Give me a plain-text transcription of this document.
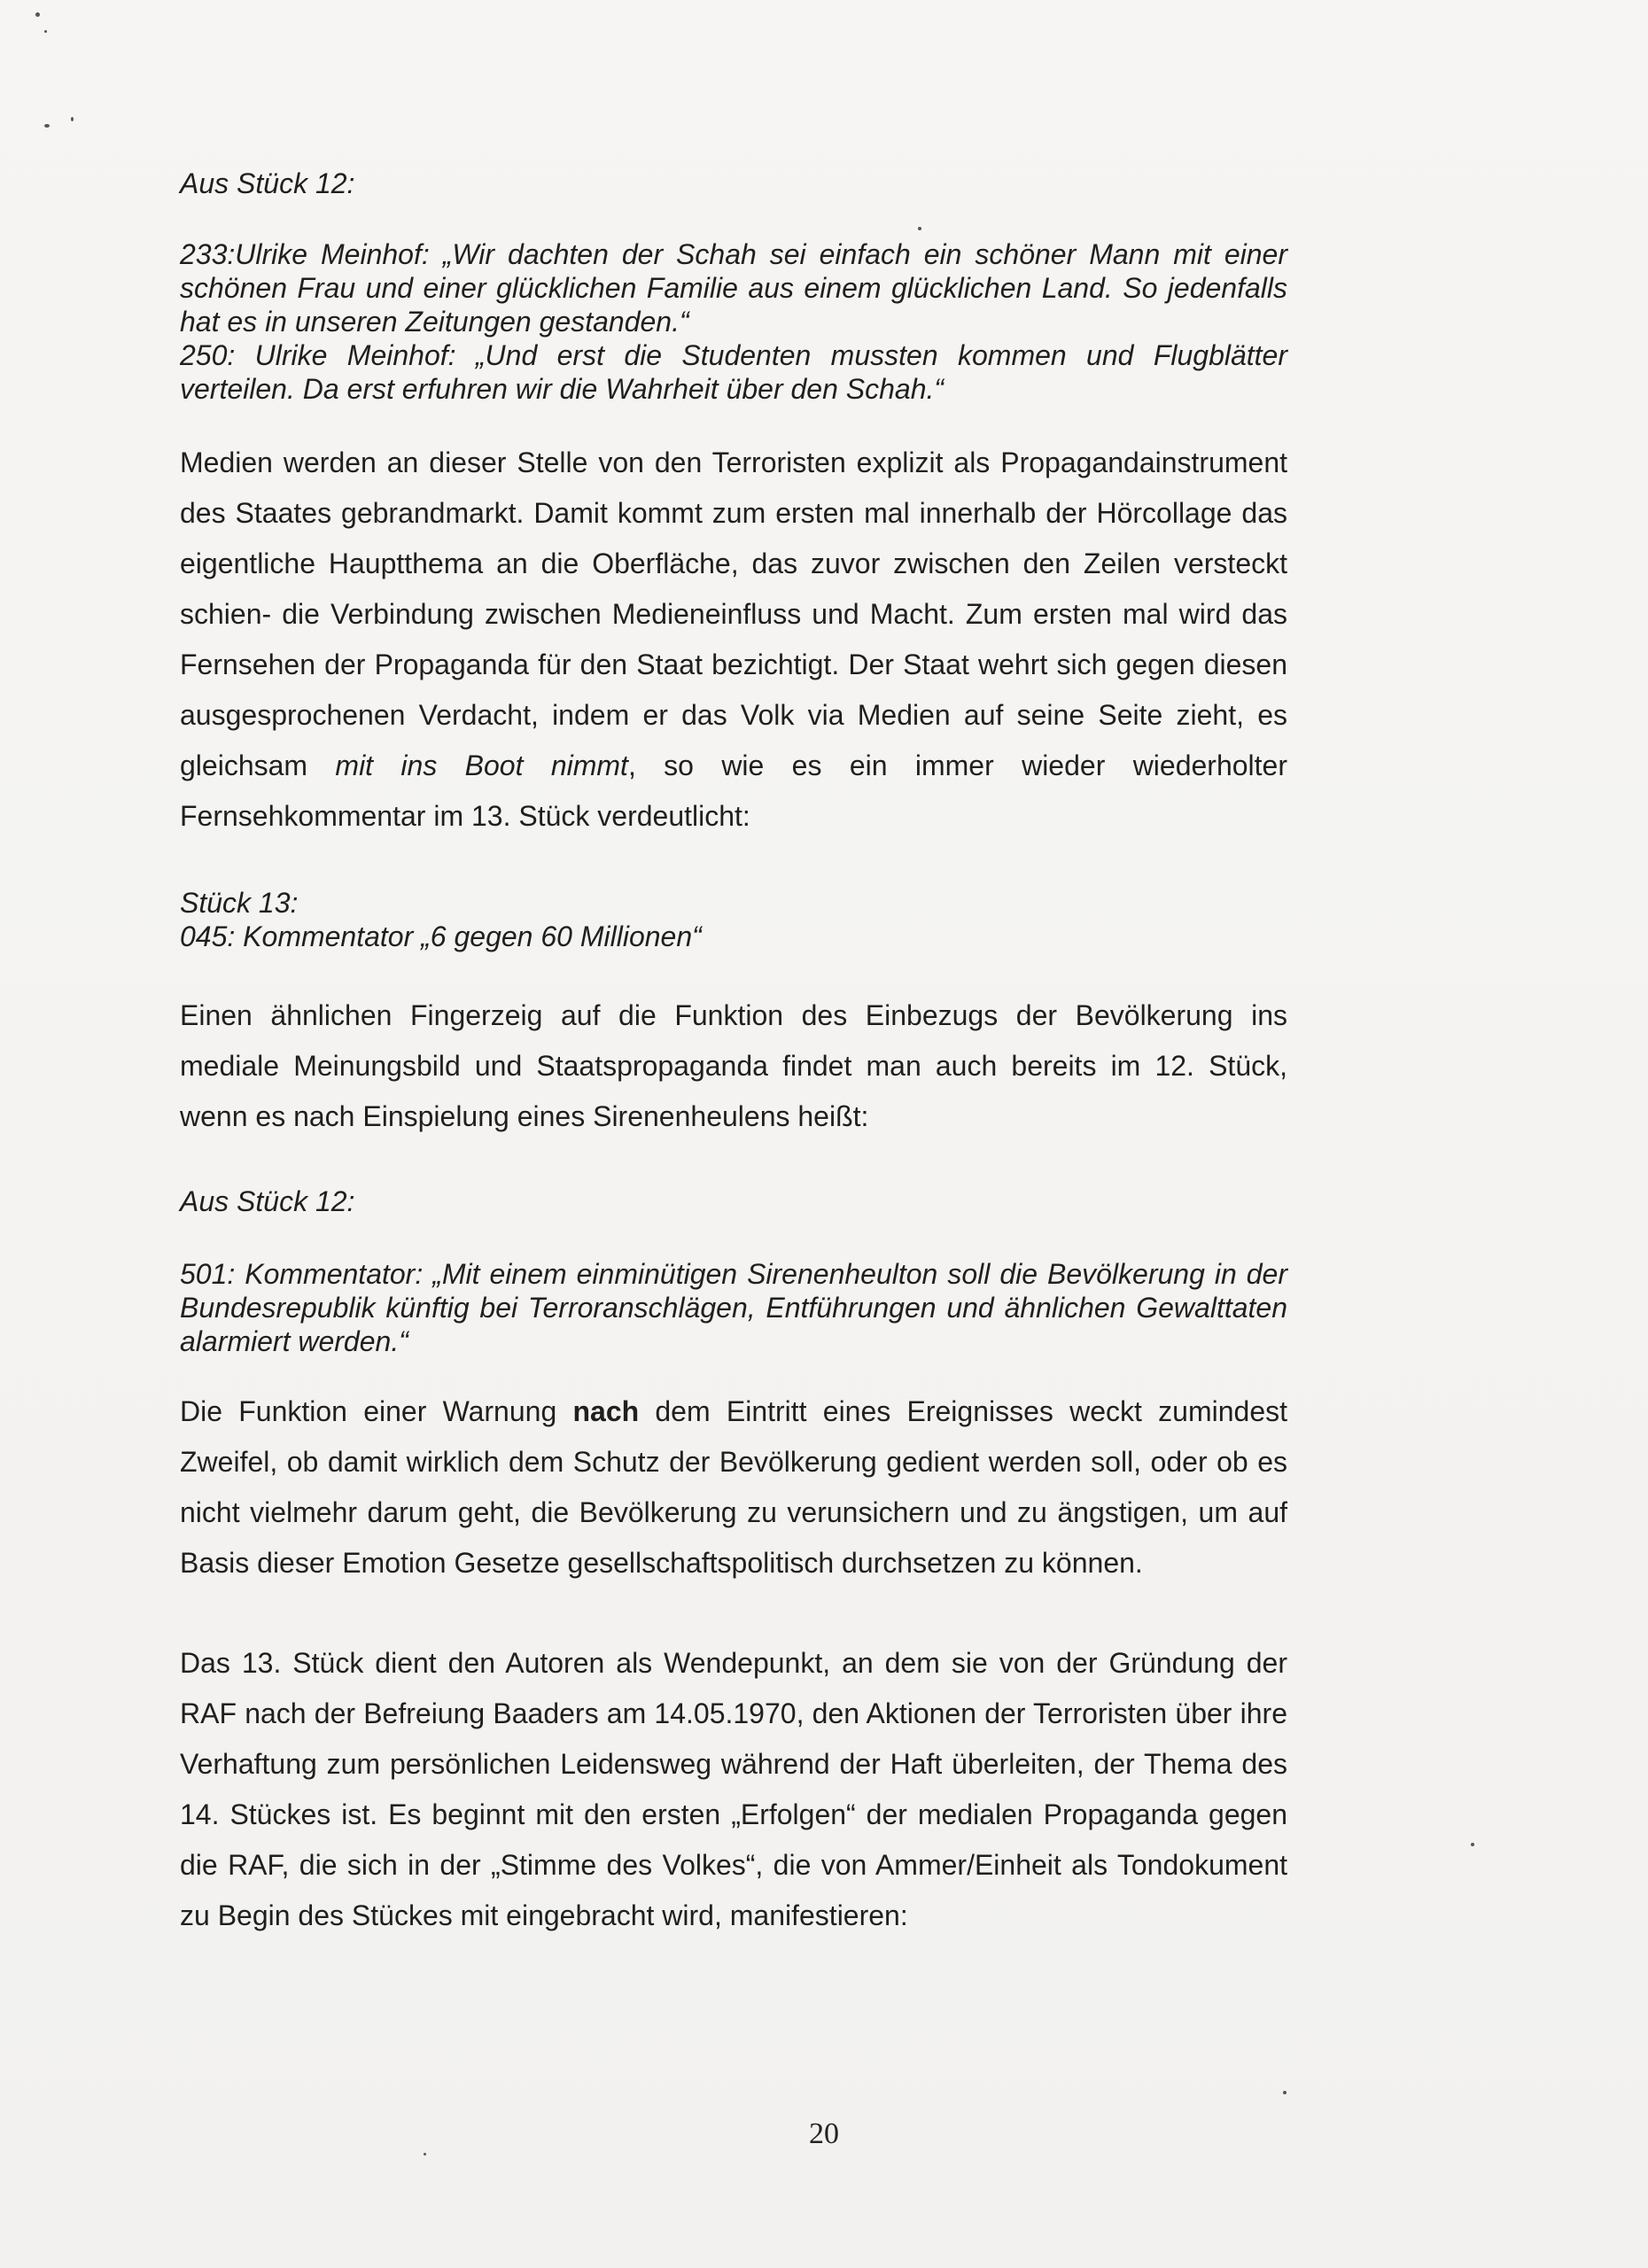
Aus Stück 12:

233:Ulrike Meinhof: „Wir dachten der Schah sei einfach ein schöner Mann mit einer schönen Frau und einer glücklichen Familie aus einem glücklichen Land. So jedenfalls hat es in unseren Zeitungen gestanden.“

250: Ulrike Meinhof: „Und erst die Studenten mussten kommen und Flugblätter verteilen. Da erst erfuhren wir die Wahrheit über den Schah.“

Medien werden an dieser Stelle von den Terroristen explizit als Propagandainstrument des Staates gebrandmarkt. Damit kommt zum ersten mal innerhalb der Hörcollage das eigentliche Hauptthema an die Oberfläche, das zuvor zwischen den Zeilen versteckt schien- die Verbindung zwischen Medieneinfluss und Macht. Zum ersten mal wird das Fernsehen der Propaganda für den Staat bezichtigt. Der Staat wehrt sich gegen diesen ausgesprochenen Verdacht, indem er das Volk via Medien auf seine Seite zieht, es gleichsam mit ins Boot nimmt, so wie es ein immer wieder wiederholter Fernsehkommentar im 13. Stück verdeutlicht:

Stück 13:

045: Kommentator „6 gegen 60 Millionen“

Einen ähnlichen Fingerzeig auf die Funktion des Einbezugs der Bevölkerung ins mediale Meinungsbild und Staatspropaganda findet man auch bereits im 12. Stück, wenn es nach Einspielung eines Sirenenheulens heißt:

Aus Stück 12:

501: Kommentator: „Mit einem einminütigen Sirenenheulton soll die Bevölkerung in der Bundesrepublik künftig bei Terroranschlägen, Entführungen und ähnlichen Gewalttaten alarmiert werden.“

Die Funktion einer Warnung nach dem Eintritt eines Ereignisses weckt zumindest Zweifel, ob damit wirklich dem Schutz der Bevölkerung gedient werden soll, oder ob es nicht vielmehr darum geht, die Bevölkerung zu verunsichern und zu ängstigen, um auf Basis dieser Emotion Gesetze gesellschaftspolitisch durchsetzen zu können.

Das 13. Stück dient den Autoren als Wendepunkt, an dem sie von der Gründung der RAF nach der Befreiung Baaders am 14.05.1970, den Aktionen der Terroristen über ihre Verhaftung zum persönlichen Leidensweg während der Haft überleiten, der Thema des 14. Stückes ist. Es beginnt mit den ersten „Erfolgen“ der medialen Propaganda gegen die RAF, die sich in der „Stimme des Volkes“, die von Ammer/Einheit als Tondokument zu Begin des Stückes mit eingebracht wird, manifestieren:

20
